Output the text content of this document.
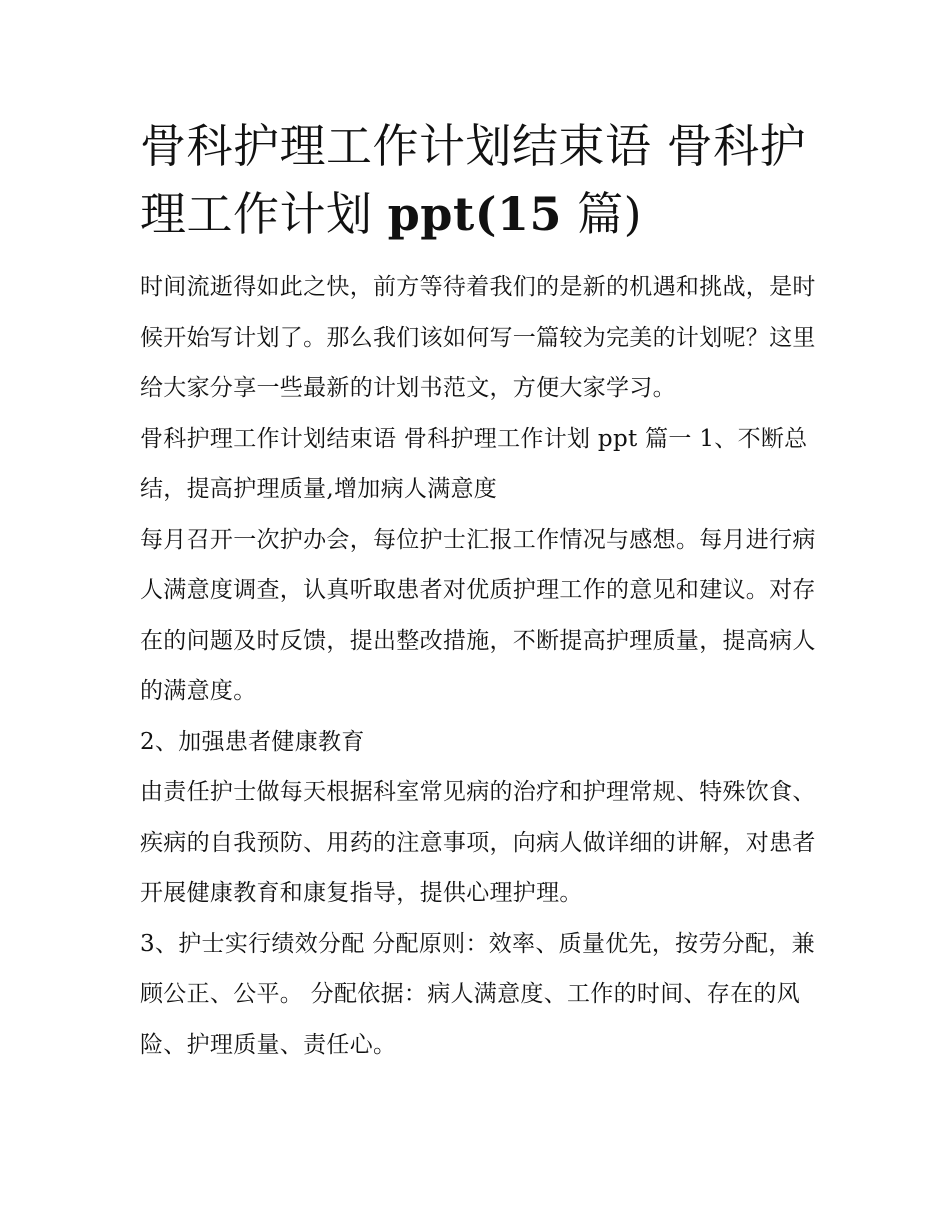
骨科护理工作计划结束语 骨科护理工作计划 ppt(15 篇)

时间流逝得如此之快，前方等待着我们的是新的机遇和挑战，是时候开始写计划了。那么我们该如何写一篇较为完美的计划呢？这里给大家分享一些最新的计划书范文，方便大家学习。

骨科护理工作计划结束语 骨科护理工作计划 ppt 篇一 1、不断总结，提高护理质量,增加病人满意度

每月召开一次护办会，每位护士汇报工作情况与感想。每月进行病人满意度调查，认真听取患者对优质护理工作的意见和建议。对存在的问题及时反馈，提出整改措施，不断提高护理质量，提高病人的满意度。

2、加强患者健康教育

由责任护士做每天根据科室常见病的治疗和护理常规、特殊饮食、疾病的自我预防、用药的注意事项，向病人做详细的讲解，对患者开展健康教育和康复指导，提供心理护理。

3、护士实行绩效分配 分配原则：效率、质量优先，按劳分配，兼顾公正、公平。 分配依据：病人满意度、工作的时间、存在的风险、护理质量、责任心。
